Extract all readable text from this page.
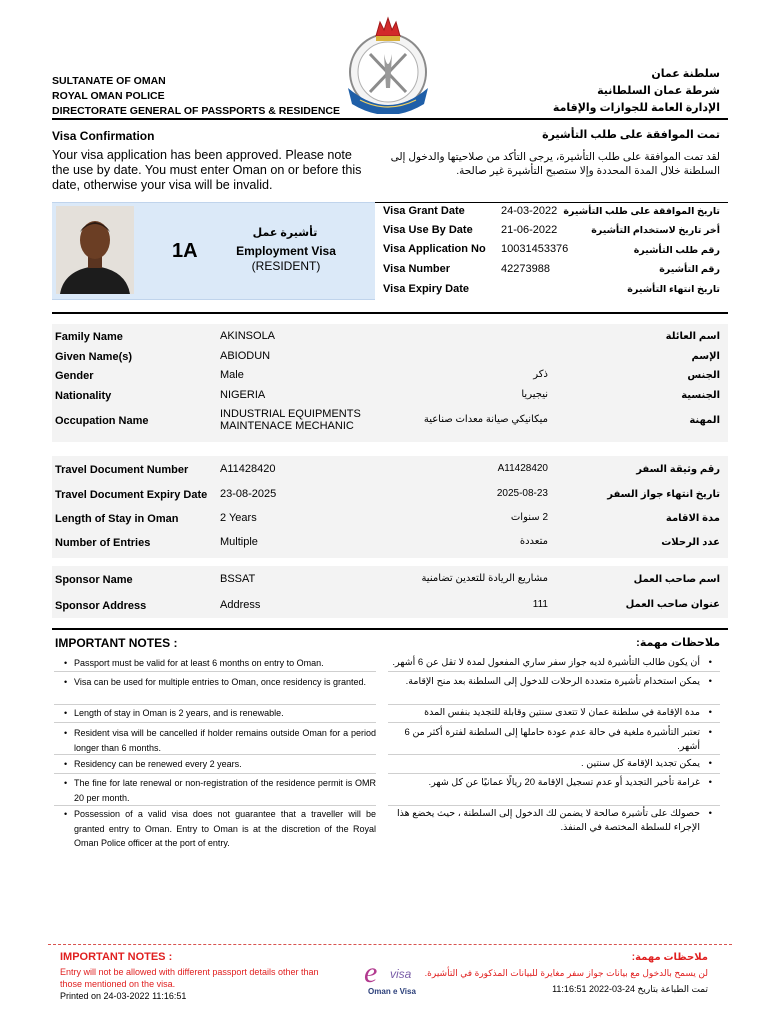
SULTANATE OF OMAN
ROYAL OMAN POLICE
DIRECTORATE GENERAL OF PASSPORTS & RESIDENCE
سلطنة عمان
شرطة عمان السلطانية
الإدارة العامة للجوازات والإقامة
Visa Confirmation	تمت الموافقة على طلب التأشيرة
Your visa application has been approved. Please note the use by date. You must enter Oman on or before this date, otherwise your visa will be invalid.
لقد تمت الموافقة على طلب التأشيرة، يرجى التأكد من صلاحيتها والدخول إلى السلطنة خلال المدة المحددة وإلا ستصبح التأشيرة غير صالحة.
1A
تأشيرة عمل
Employment Visa
(RESIDENT)
Visa Grant Date	24-03-2022 تاريخ الموافقة على طلب التأشيرة
Visa Use By Date	21-06-2022	أخر تاريخ لاستخدام التأشيرة
Visa Application No 10031453376	رقم طلب التأشيرة
Visa Number	42273988	رقم التأشيرة
Visa Expiry Date	تاريخ انتهاء التأشيرة
Family Name	AKINSOLA	اسم العائلة
Given Name(s)	ABIODUN	الإسم
Gender	Male	ذكر	الجنس
Nationality	NIGERIA	نيجيريا	الجنسية
Occupation Name
INDUSTRIAL EQUIPMENTS
MAINTENACE MECHANIC
ميكانيكي صيانة معدات صناعية	المهنة
Travel Document Number	A11428420	A11428420	رقم وثيقة السفر
Travel Document Expiry Date 23-08-2025	2025-08-23	تاريخ انتهاء جواز السفر
Length of Stay in Oman	2 Years	2 سنوات	مدة الاقامة
Number of Entries	Multiple	متعددة	عدد الرحلات
Sponsor Name	BSSAT	مشاريع الريادة للتعدين تضامنية	اسم صاحب العمل
Sponsor Address	Address	111	عنوان صاحب العمل
IMPORTANT NOTES :	ملاحظات مهمة:
• Passport must be valid for at least 6 months on entry to Oman.
• Visa can be used for multiple entries to Oman, once residency is granted.
• Length of stay in Oman is 2 years, and is renewable.
• Resident visa will be cancelled if holder remains outside Oman for a period longer than 6 months.
• Residency can be renewed every 2 years.
• The fine for late renewal or non-registration of the residence permit is OMR 20 per month.
• Possession of a valid visa does not guarantee that a traveller will be granted entry to Oman. Entry to Oman is at the discretion of the Royal Oman Police officer at the port of entry.
•
أن يكون طالب التأشيرة لديه جواز سفر ساري المفعول لمدة لا تقل عن 6 أشهر.
•
يمكن استخدام تأشيرة متعددة الرحلات للدخول إلى السلطنة بعد منح الإقامة.
•
مدة الإقامة في سلطنة عمان لا تتعدى سنتين وقابلة للتجديد بنفس المدة
•
تعتبر التأشيرة ملغية في حالة عدم عودة حاملها إلى السلطنة لفترة أكثر من 6 أشهر.
•
يمكن تجديد الإقامة كل سنتين .
•
غرامة تأخير التجديد أو عدم تسجيل الإقامة 20 ريالًا عمانيًا عن كل شهر.
•
حصولك على تأشيرة صالحة لا يضمن لك الدخول إلى السلطنة ، حيث يخضع هذا الإجراء للسلطة المختصة في المنفذ.
IMPORTANT NOTES :
Entry will not be allowed with different passport details other than those mentioned on the visa.
Printed on 24-03-2022 11:16:51
ملاحظات مهمة:
لن يسمح بالدخول مع بيانات جواز سفر مغايرة للبيانات المذكورة في التأشيرة.
تمت الطباعة بتاريخ 24-03-2022 11:16:51
e visa
Oman e Visa
